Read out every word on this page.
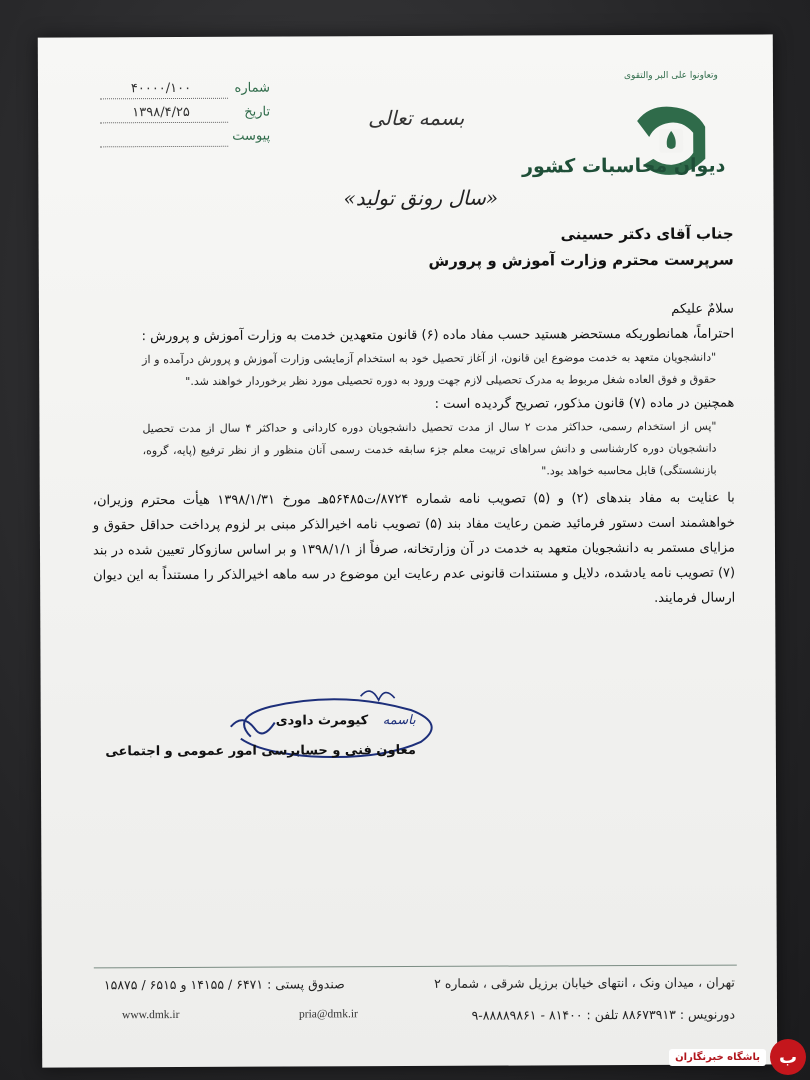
وتعاونوا علی البر والتقوی
دیوان محاسبات کشور
بسمه تعالی
شماره
۴۰۰۰۰/۱۰۰
تاریخ
۱۳۹۸/۴/۲۵
پیوست
«سال رونق تولید»
جناب آقای دکتر حسینی
سرپرست محترم وزارت آموزش و پرورش

سلامٌ علیکم

احتراماً، همانطوریکه مستحضر هستید حسب مفاد ماده (۶) قانون متعهدین خدمت به وزارت آموزش و پرورش :

"دانشجویان متعهد به خدمت موضوع این قانون، از آغاز تحصیل خود به استخدام آزمایشی وزارت آموزش و پرورش درآمده و از حقوق و فوق العاده شغل مربوط به مدرک تحصیلی لازم جهت ورود به دوره تحصیلی مورد نظر برخوردار خواهند شد."

همچنین در ماده (۷) قانون مذکور، تصریح گردیده است :

"پس از استخدام رسمی، حداکثر مدت ۲ سال از مدت تحصیل دانشجویان دوره کاردانی و حداکثر ۴ سال از مدت تحصیل دانشجویان دوره کارشناسی و دانش سراهای تربیت معلم جزء سابقه خدمت رسمی آنان منظور و از نظر ترفیع (پایه، گروه، بازنشستگی) قابل محاسبه خواهد بود."

با عنایت به مفاد بندهای (۲) و (۵) تصویب نامه شماره ۸۷۲۴/ت۵۶۴۸۵هـ مورخ ۱۳۹۸/۱/۳۱ هیأت محترم وزیران، خواهشمند است دستور فرمائید ضمن رعایت مفاد بند (۵) تصویب نامه اخیرالذکر مبنی بر لزوم پرداخت حداقل حقوق و مزایای مستمر به دانشجویان متعهد به خدمت در آن وزارتخانه، صرفاً از ۱۳۹۸/۱/۱ و بر اساس سازوکار تعیین شده در بند (۷) تصویب نامه یادشده، دلایل و مستندات قانونی عدم رعایت این موضوع در سه ماهه اخیرالذکر را مستنداً به این دیوان ارسال فرمایند.

باسمه کیومرث داودی
معاون فنی و حسابرسی امور عمومی و اجتماعی
تهران ، میدان ونک ، انتهای خیابان برزیل شرقی ، شماره ۲
دورنویس : ۸۸۶۷۳۹۱۳ تلفن : ۸۱۴۰۰ - ۸۸۸۸۹۸۶۱-۹
صندوق پستی : ۶۴۷۱ / ۱۴۱۵۵ و ۶۵۱۵ / ۱۵۸۷۵
www.dmk.ir	pria@dmk.ir
باشگاه خبرنگاران	ب
